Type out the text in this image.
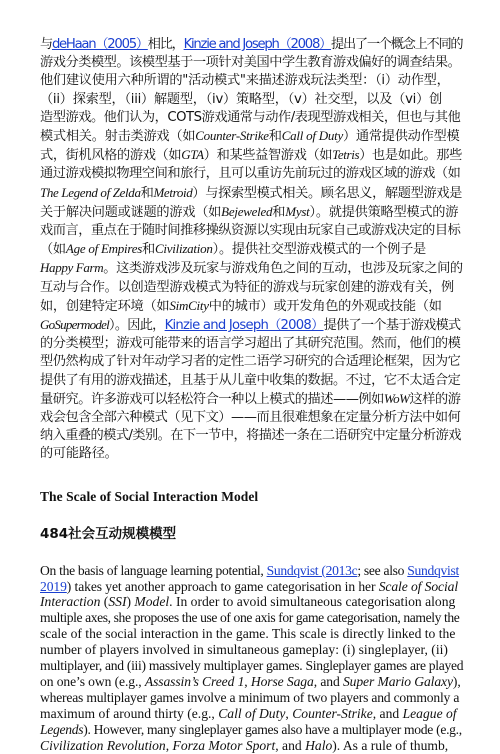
与deHaan（2005）相比，Kinzie and Joseph（2008）提出了一个概念上不同的
游戏分类模型。该模型基于一项针对美国中学生教育游戏偏好的调查结果。
他们建议使用六种所谓的"活动模式"来描述游戏玩法类型：（i）动作型，
（ii）探索型，（iii）解题型，（iv）策略型，（v）社交型，以及（vi）创
造型游戏。他们认为，COTS游戏通常与动作/表现型游戏相关，但也与其他
模式相关。射击类游戏（如Counter-Strike和Call of Duty）通常提供动作型模
式，街机风格的游戏（如GTA）和某些益智游戏（如Tetris）也是如此。那些
通过游戏模拟物理空间和旅行，且可以重访先前玩过的游戏区域的游戏（如
The Legend of Zelda和Metroid）与探索型模式相关。顾名思义，解题型游戏是
关于解决问题或谜题的游戏（如Bejeweled和Myst）。就提供策略型模式的游
戏而言，重点在于随时间推移操纵资源以实现由玩家自己或游戏决定的目标
（如Age of Empires和Civilization）。提供社交型游戏模式的一个例子是
Happy Farm。这类游戏涉及玩家与游戏角色之间的互动，也涉及玩家之间的
互动与合作。以创造型游戏模式为特征的游戏与玩家创建的游戏有关，例
如，创建特定环境（如SimCity中的城市）或开发角色的外观或技能（如
GoSupermodel）。因此，Kinzie and Joseph（2008）提供了一个基于游戏模式
的分类模型；游戏可能带来的语言学习超出了其研究范围。然而，他们的模
型仍然构成了针对年动学习者的定性二语学习研究的合适理论框架，因为它
提供了有用的游戏描述，且基于从儿童中收集的数据。不过，它不太适合定
量研究。许多游戏可以轻松符合一种以上模式的描述——例如WoW这样的游
戏会包含全部六种模式（见下文）——而且很难想象在定量分析方法中如何
纳入重叠的模式/类别。在下一节中，将描述一条在二语研究中定量分析游戏
的可能路径。

The Scale of Social Interaction Model
484社会互动规模模型

On the basis of language learning potential, Sundqvist (2013c; see also Sundqvist
2019) takes yet another approach to game categorisation in her Scale of Social
Interaction (SSI) Model. In order to avoid simultaneous categorisation along
multiple axes, she proposes the use of one axis for game categorisation, namely the
scale of the social interaction in the game. This scale is directly linked to the
number of players involved in simultaneous gameplay: (i) singleplayer, (ii)
multiplayer, and (iii) massively multiplayer games. Singleplayer games are played
on one’s own (e.g., Assassin’s Creed 1, Horse Saga, and Super Mario Galaxy),
whereas multiplayer games involve a minimum of two players and commonly a
maximum of around thirty (e.g., Call of Duty, Counter-Strike, and League of
Legends). However, many singleplayer games also have a multiplayer mode (e.g.,
Civilization Revolution, Forza Motor Sport, and Halo). As a rule of thumb,
